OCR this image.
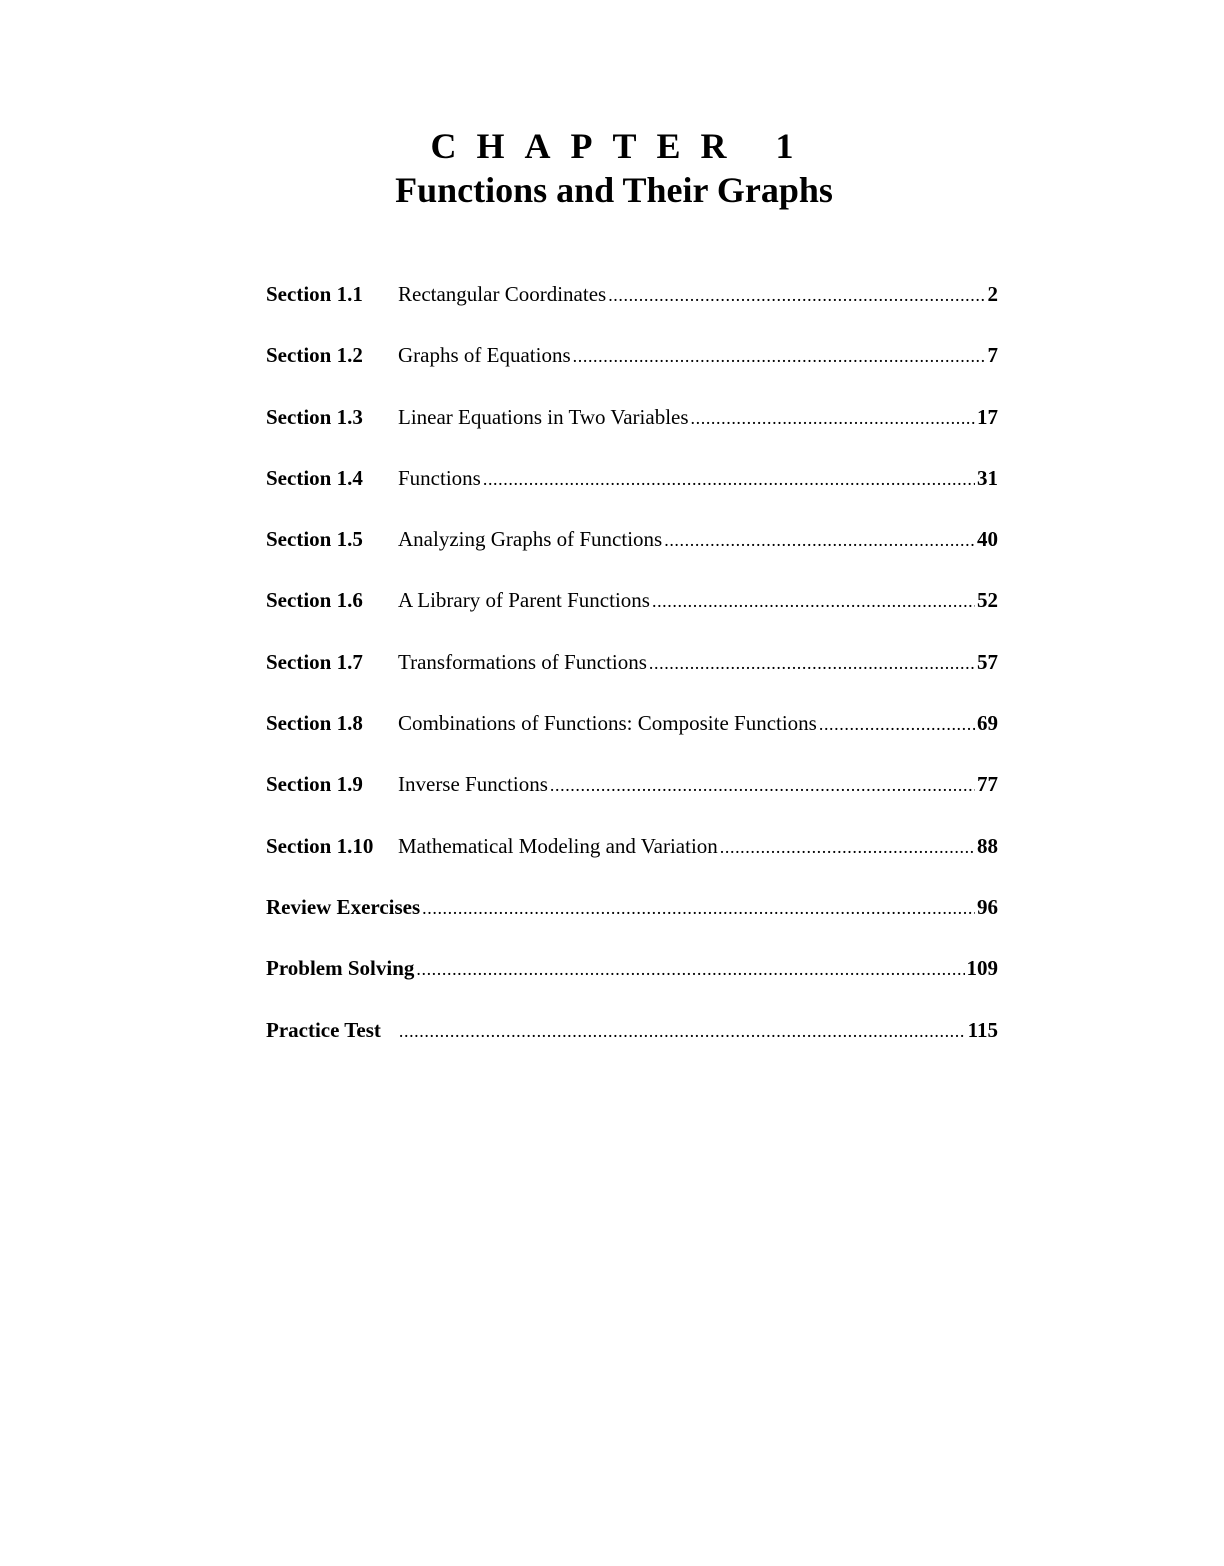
CHAPTER 1
Functions and Their Graphs
Section 1.1	Rectangular Coordinates .....	2
Section 1.2	Graphs of Equations .....	7
Section 1.3	Linear Equations in Two Variables .....	17
Section 1.4	Functions .....	31
Section 1.5	Analyzing Graphs of Functions .....	40
Section 1.6	A Library of Parent Functions .....	52
Section 1.7	Transformations of Functions .....	57
Section 1.8	Combinations of Functions: Composite Functions .....	69
Section 1.9	Inverse Functions .....	77
Section 1.10	Mathematical Modeling and Variation .....	88
Review Exercises .....	96
Problem Solving .....	109
Practice Test .....	115
